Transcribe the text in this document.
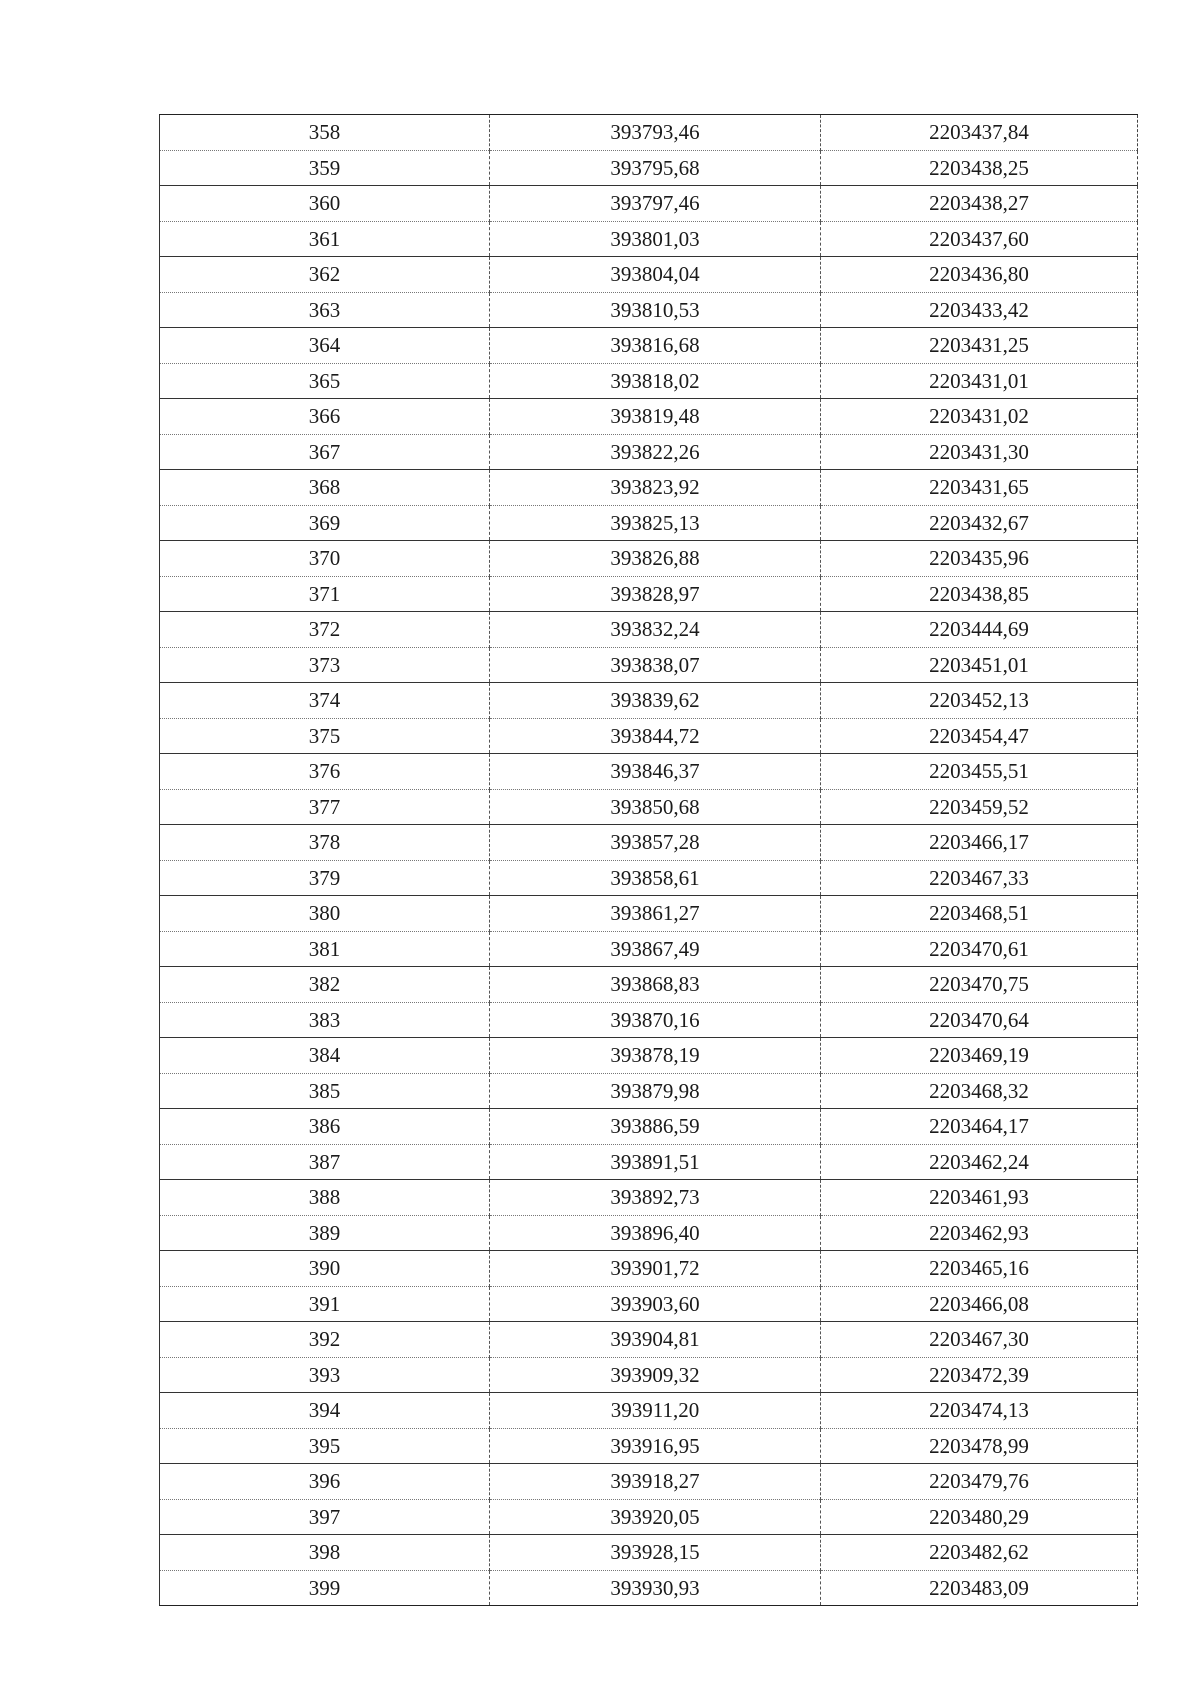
358	393793,46	2203437,84
359	393795,68	2203438,25
360	393797,46	2203438,27
361	393801,03	2203437,60
362	393804,04	2203436,80
363	393810,53	2203433,42
364	393816,68	2203431,25
365	393818,02	2203431,01
366	393819,48	2203431,02
367	393822,26	2203431,30
368	393823,92	2203431,65
369	393825,13	2203432,67
370	393826,88	2203435,96
371	393828,97	2203438,85
372	393832,24	2203444,69
373	393838,07	2203451,01
374	393839,62	2203452,13
375	393844,72	2203454,47
376	393846,37	2203455,51
377	393850,68	2203459,52
378	393857,28	2203466,17
379	393858,61	2203467,33
380	393861,27	2203468,51
381	393867,49	2203470,61
382	393868,83	2203470,75
383	393870,16	2203470,64
384	393878,19	2203469,19
385	393879,98	2203468,32
386	393886,59	2203464,17
387	393891,51	2203462,24
388	393892,73	2203461,93
389	393896,40	2203462,93
390	393901,72	2203465,16
391	393903,60	2203466,08
392	393904,81	2203467,30
393	393909,32	2203472,39
394	393911,20	2203474,13
395	393916,95	2203478,99
396	393918,27	2203479,76
397	393920,05	2203480,29
398	393928,15	2203482,62
399	393930,93	2203483,09
